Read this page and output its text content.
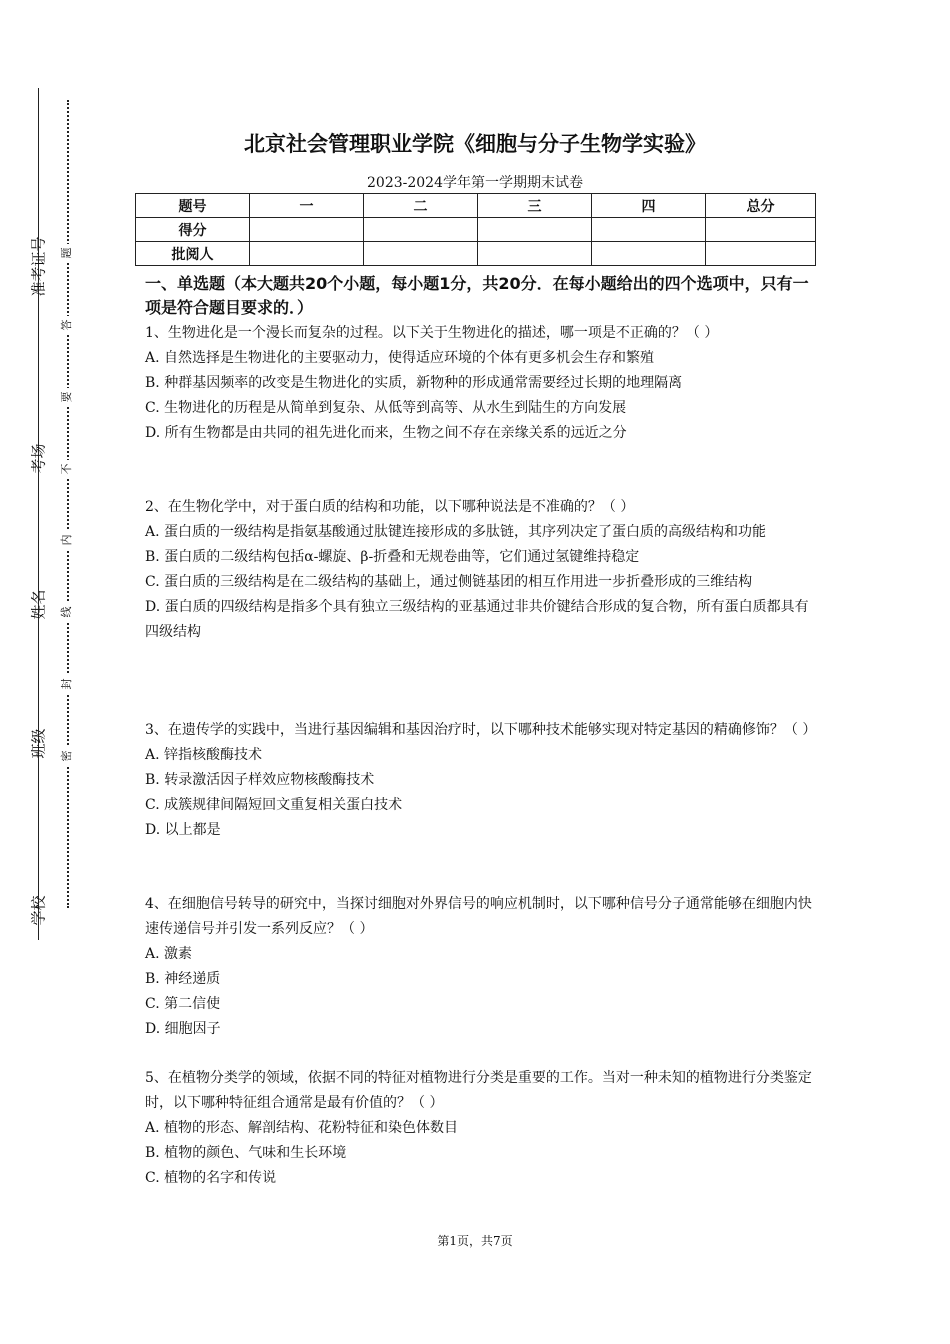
准考证号
考场
姓名
班级
学校
题
答
要
不
内
线
封
密
北京社会管理职业学院《细胞与分子生物学实验》
2023-2024学年第一学期期末试卷
题号	一	二	三	四	总分
得分					
批阅人					
一、单选题（本大题共20个小题，每小题1分，共20分．在每小题给出的四个选项中，只有一项是符合题目要求的．）

1、生物进化是一个漫长而复杂的过程。以下关于生物进化的描述，哪一项是不正确的？（ ）

A. 自然选择是生物进化的主要驱动力，使得适应环境的个体有更多机会生存和繁殖

B. 种群基因频率的改变是生物进化的实质，新物种的形成通常需要经过长期的地理隔离

C. 生物进化的历程是从简单到复杂、从低等到高等、从水生到陆生的方向发展

D. 所有生物都是由共同的祖先进化而来，生物之间不存在亲缘关系的远近之分

2、在生物化学中，对于蛋白质的结构和功能，以下哪种说法是不准确的？（ ）

A. 蛋白质的一级结构是指氨基酸通过肽键连接形成的多肽链，其序列决定了蛋白质的高级结构和功能

B. 蛋白质的二级结构包括α-螺旋、β-折叠和无规卷曲等，它们通过氢键维持稳定

C. 蛋白质的三级结构是在二级结构的基础上，通过侧链基团的相互作用进一步折叠形成的三维结构

D. 蛋白质的四级结构是指多个具有独立三级结构的亚基通过非共价键结合形成的复合物，所有蛋白质都具有四级结构

3、在遗传学的实践中，当进行基因编辑和基因治疗时，以下哪种技术能够实现对特定基因的精确修饰？（ ）

A. 锌指核酸酶技术

B. 转录激活因子样效应物核酸酶技术

C. 成簇规律间隔短回文重复相关蛋白技术

D. 以上都是

4、在细胞信号转导的研究中，当探讨细胞对外界信号的响应机制时，以下哪种信号分子通常能够在细胞内快速传递信号并引发一系列反应？（ ）

A. 激素

B. 神经递质

C. 第二信使

D. 细胞因子

5、在植物分类学的领域，依据不同的特征对植物进行分类是重要的工作。当对一种未知的植物进行分类鉴定时，以下哪种特征组合通常是最有价值的？（ ）

A. 植物的形态、解剖结构、花粉特征和染色体数目

B. 植物的颜色、气味和生长环境

C. 植物的名字和传说

第1页，共7页
